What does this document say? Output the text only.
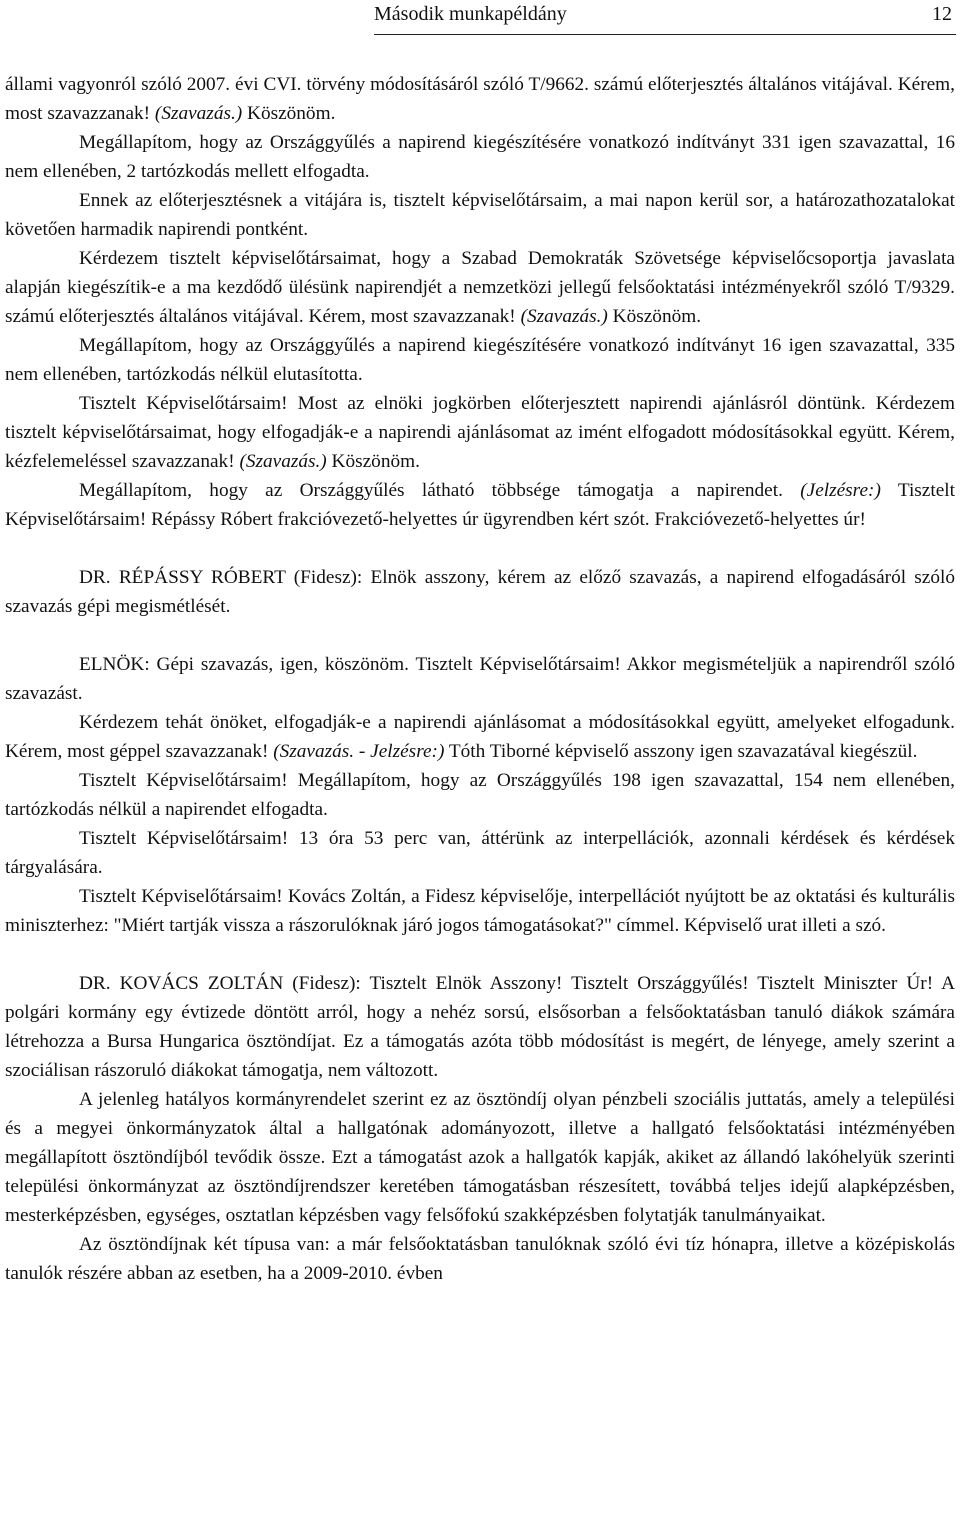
Második munkapéldány	12

állami vagyonról szóló 2007. évi CVI. törvény módosításáról szóló T/9662. számú előterjesztés általános vitájával. Kérem, most szavazzanak! (Szavazás.) Köszönöm.

Megállapítom, hogy az Országgyűlés a napirend kiegészítésére vonatkozó indítványt 331 igen szavazattal, 16 nem ellenében, 2 tartózkodás mellett elfogadta.

Ennek az előterjesztésnek a vitájára is, tisztelt képviselőtársaim, a mai napon kerül sor, a határozathozatalokat követően harmadik napirendi pontként.

Kérdezem tisztelt képviselőtársaimat, hogy a Szabad Demokraták Szövetsége képviselőcsoportja javaslata alapján kiegészítik-e a ma kezdődő ülésünk napirendjét a nemzetközi jellegű felsőoktatási intézményekről szóló T/9329. számú előterjesztés általános vitájával. Kérem, most szavazzanak! (Szavazás.) Köszönöm.

Megállapítom, hogy az Országgyűlés a napirend kiegészítésére vonatkozó indítványt 16 igen szavazattal, 335 nem ellenében, tartózkodás nélkül elutasította.

Tisztelt Képviselőtársaim! Most az elnöki jogkörben előterjesztett napirendi ajánlásról döntünk. Kérdezem tisztelt képviselőtársaimat, hogy elfogadják-e a napirendi ajánlásomat az imént elfogadott módosításokkal együtt. Kérem, kézfelemeléssel szavazzanak! (Szavazás.) Köszönöm.

Megállapítom, hogy az Országgyűlés látható többsége támogatja a napirendet. (Jelzésre:) Tisztelt Képviselőtársaim! Répássy Róbert frakcióvezető-helyettes úr ügyrendben kért szót. Frakcióvezető-helyettes úr!

DR. RÉPÁSSY RÓBERT (Fidesz): Elnök asszony, kérem az előző szavazás, a napirend elfogadásáról szóló szavazás gépi megismétlését.

ELNÖK: Gépi szavazás, igen, köszönöm. Tisztelt Képviselőtársaim! Akkor megismételjük a napirendről szóló szavazást.

Kérdezem tehát önöket, elfogadják-e a napirendi ajánlásomat a módosításokkal együtt, amelyeket elfogadunk. Kérem, most géppel szavazzanak! (Szavazás. - Jelzésre:) Tóth Tiborné képviselő asszony igen szavazatával kiegészül.

Tisztelt Képviselőtársaim! Megállapítom, hogy az Országgyűlés 198 igen szavazattal, 154 nem ellenében, tartózkodás nélkül a napirendet elfogadta.

Tisztelt Képviselőtársaim! 13 óra 53 perc van, áttérünk az interpellációk, azonnali kérdések és kérdések tárgyalására.

Tisztelt Képviselőtársaim! Kovács Zoltán, a Fidesz képviselője, interpellációt nyújtott be az oktatási és kulturális miniszterhez: "Miért tartják vissza a rászorulóknak járó jogos támogatásokat?" címmel. Képviselő urat illeti a szó.

DR. KOVÁCS ZOLTÁN (Fidesz): Tisztelt Elnök Asszony! Tisztelt Országgyűlés! Tisztelt Miniszter Úr! A polgári kormány egy évtizede döntött arról, hogy a nehéz sorsú, elsősorban a felsőoktatásban tanuló diákok számára létrehozza a Bursa Hungarica ösztöndíjat. Ez a támogatás azóta több módosítást is megért, de lényege, amely szerint a szociálisan rászoruló diákokat támogatja, nem változott.

A jelenleg hatályos kormányrendelet szerint ez az ösztöndíj olyan pénzbeli szociális juttatás, amely a települési és a megyei önkormányzatok által a hallgatónak adományozott, illetve a hallgató felsőoktatási intézményében megállapított ösztöndíjból tevődik össze. Ezt a támogatást azok a hallgatók kapják, akiket az állandó lakóhelyük szerinti települési önkormányzat az ösztöndíjrendszer keretében támogatásban részesített, továbbá teljes idejű alapképzésben, mesterképzésben, egységes, osztatlan képzésben vagy felsőfokú szakképzésben folytatják tanulmányaikat.

Az ösztöndíjnak két típusa van: a már felsőoktatásban tanulóknak szóló évi tíz hónapra, illetve a középiskolás tanulók részére abban az esetben, ha a 2009-2010. évben
